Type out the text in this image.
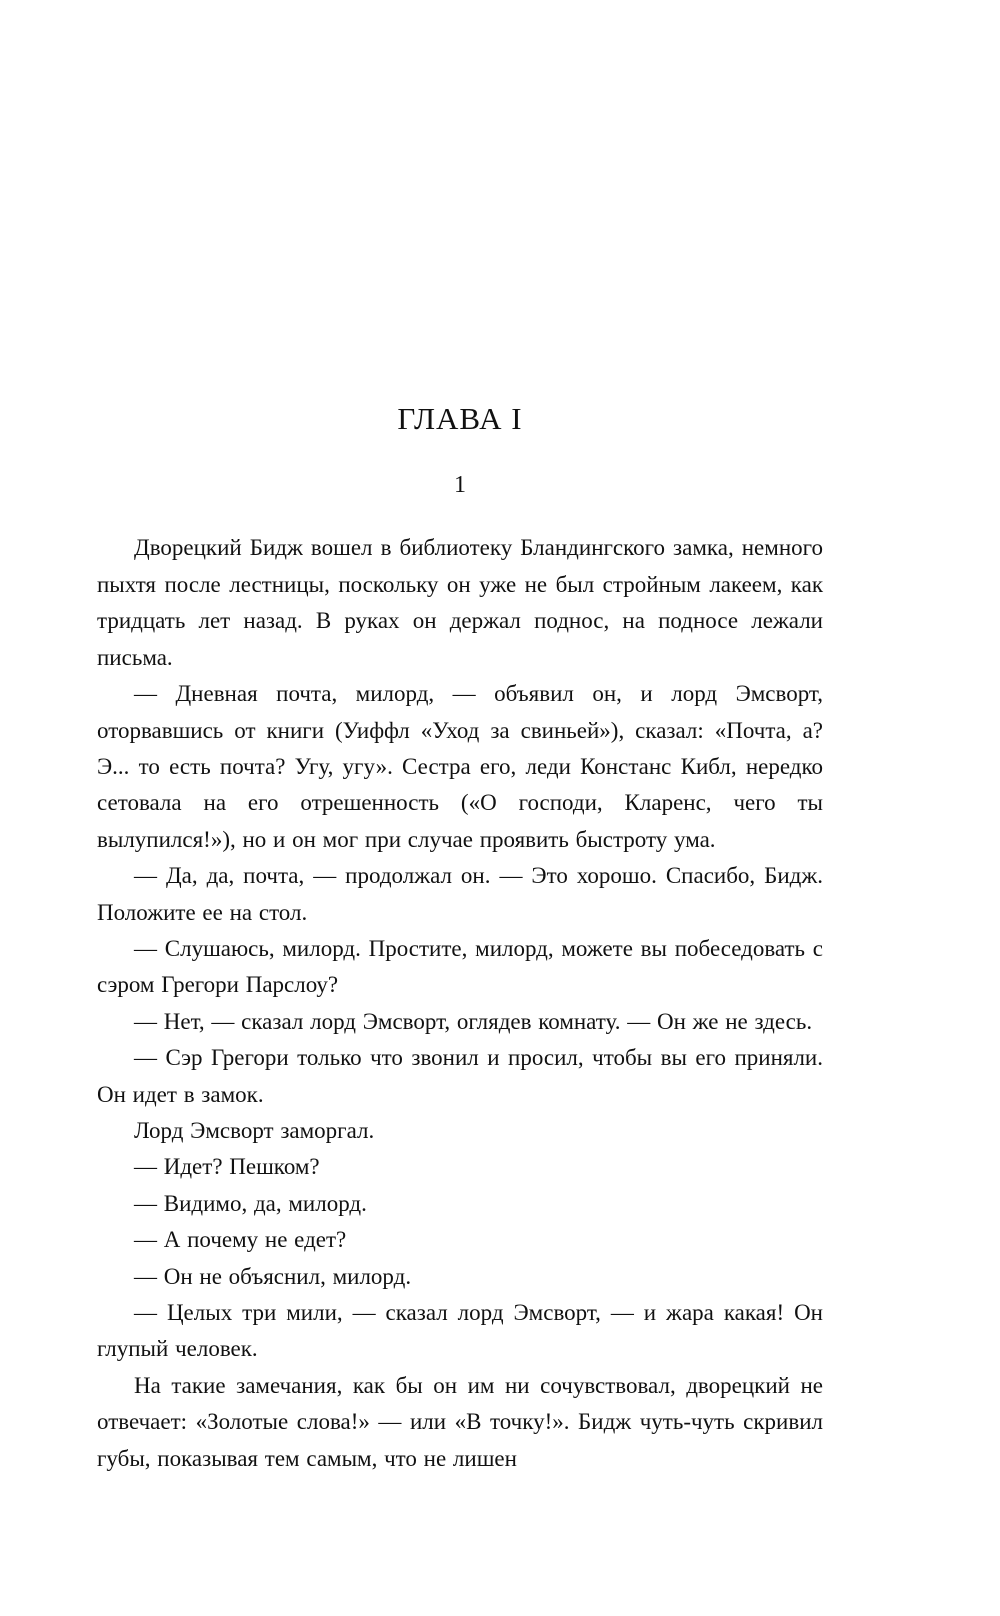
ГЛАВА I
1

Дворецкий Бидж вошел в библиотеку Бландингского замка, немного пыхтя после лестницы, поскольку он уже не был стройным лакеем, как тридцать лет назад. В руках он держал поднос, на подносе лежали письма.

— Дневная почта, милорд, — объявил он, и лорд Эмсворт, оторвавшись от книги (Уиффл «Уход за свиньей»), сказал: «Почта, а? Э... то есть почта? Угу, угу». Сестра его, леди Констанс Кибл, нередко сетовала на его отрешенность («О господи, Кларенс, чего ты вылупился!»), но и он мог при случае проявить быстроту ума.

— Да, да, почта, — продолжал он. — Это хорошо. Спасибо, Бидж. Положите ее на стол.

— Слушаюсь, милорд. Простите, милорд, можете вы побеседовать с сэром Грегори Парслоу?

— Нет, — сказал лорд Эмсворт, оглядев комнату. — Он же не здесь.

— Сэр Грегори только что звонил и просил, чтобы вы его приняли. Он идет в замок.

Лорд Эмсворт заморгал.

— Идет? Пешком?

— Видимо, да, милорд.

— А почему не едет?

— Он не объяснил, милорд.

— Целых три мили, — сказал лорд Эмсворт, — и жара какая! Он глупый человек.

На такие замечания, как бы он им ни сочувствовал, дворецкий не отвечает: «Золотые слова!» — или «В точку!». Бидж чуть-чуть скривил губы, показывая тем самым, что не лишен
